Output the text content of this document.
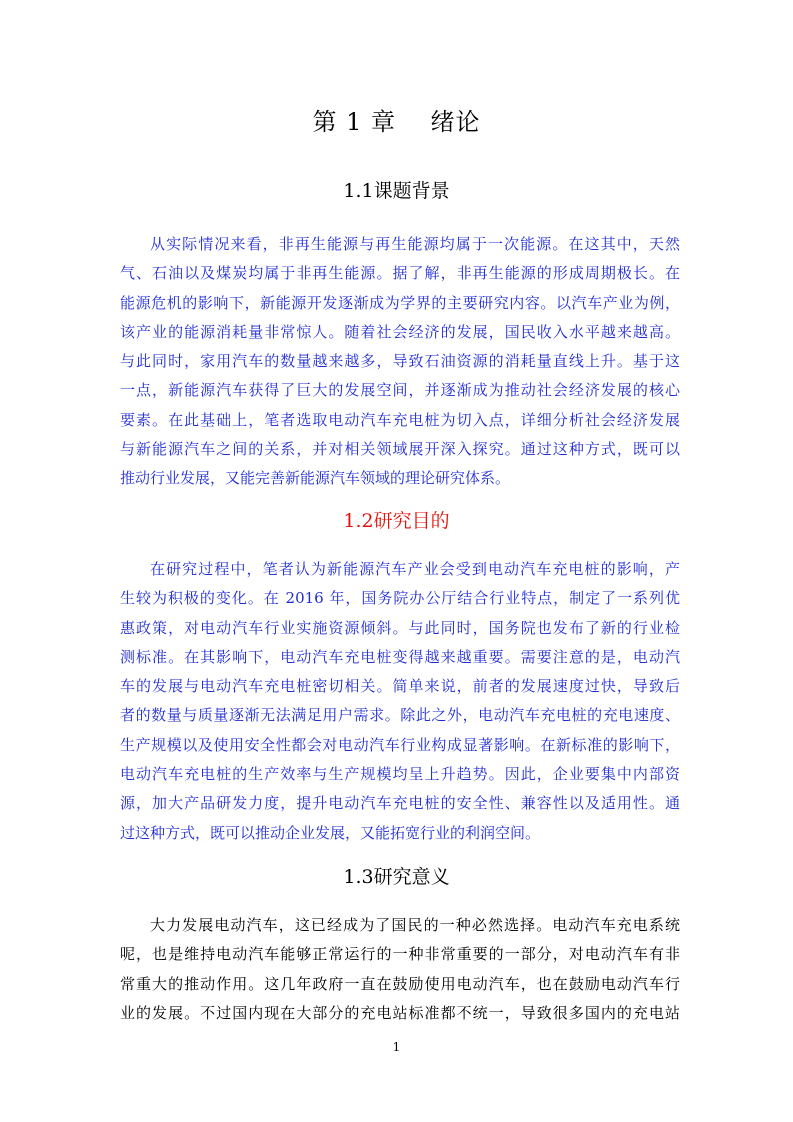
第 1 章    绪论
1.1课题背景
从实际情况来看，非再生能源与再生能源均属于一次能源。在这其中，天然
气、石油以及煤炭均属于非再生能源。据了解，非再生能源的形成周期极长。在
能源危机的影响下，新能源开发逐渐成为学界的主要研究内容。以汽车产业为例，
该产业的能源消耗量非常惊人。随着社会经济的发展，国民收入水平越来越高。
与此同时，家用汽车的数量越来越多，导致石油资源的消耗量直线上升。基于这
一点，新能源汽车获得了巨大的发展空间，并逐渐成为推动社会经济发展的核心
要素。在此基础上，笔者选取电动汽车充电桩为切入点，详细分析社会经济发展
与新能源汽车之间的关系，并对相关领域展开深入探究。通过这种方式，既可以
推动行业发展，又能完善新能源汽车领域的理论研究体系。
1.2研究目的
在研究过程中，笔者认为新能源汽车产业会受到电动汽车充电桩的影响，产
生较为积极的变化。在 2016 年，国务院办公厅结合行业特点，制定了一系列优
惠政策，对电动汽车行业实施资源倾斜。与此同时，国务院也发布了新的行业检
测标准。在其影响下，电动汽车充电桩变得越来越重要。需要注意的是，电动汽
车的发展与电动汽车充电桩密切相关。简单来说，前者的发展速度过快，导致后
者的数量与质量逐渐无法满足用户需求。除此之外，电动汽车充电桩的充电速度、
生产规模以及使用安全性都会对电动汽车行业构成显著影响。在新标准的影响下，
电动汽车充电桩的生产效率与生产规模均呈上升趋势。因此，企业要集中内部资
源，加大产品研发力度，提升电动汽车充电桩的安全性、兼容性以及适用性。通
过这种方式，既可以推动企业发展，又能拓宽行业的利润空间。
1.3研究意义
大力发展电动汽车，这已经成为了国民的一种必然选择。电动汽车充电系统
呢，也是维持电动汽车能够正常运行的一种非常重要的一部分，对电动汽车有非
常重大的推动作用。这几年政府一直在鼓励使用电动汽车，也在鼓励电动汽车行
业的发展。不过国内现在大部分的充电站标准都不统一，导致很多国内的充电站

1
